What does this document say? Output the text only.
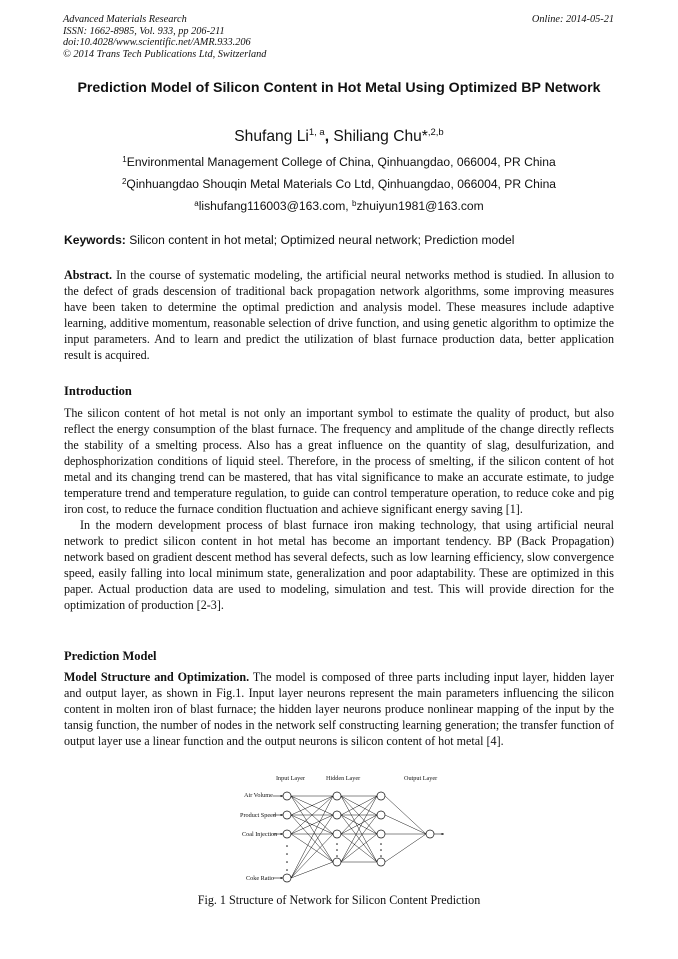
Advanced Materials Research
ISSN: 1662-8985, Vol. 933, pp 206-211
doi:10.4028/www.scientific.net/AMR.933.206
© 2014 Trans Tech Publications Ltd, Switzerland
Online: 2014-05-21
Prediction Model of Silicon Content in Hot Metal Using Optimized BP Network
Shufang Li$^{1, a}$, Shiliang Chu*$^{,2,b}$
$^1$Environmental Management College of China, Qinhuangdao, 066004, PR China
$^2$Qinhuangdao Shouqin Metal Materials Co Ltd, Qinhuangdao, 066004, PR China
$^a$lishufang116003@163.com, $^b$zhuiyun1981@163.com
Keywords: Silicon content in hot metal; Optimized neural network; Prediction model

Abstract. In the course of systematic modeling, the artificial neural networks method is studied. In allusion to the defect of grads descension of traditional back propagation network algorithms, some improving measures have been taken to determine the optimal prediction and analysis model. These measures include adaptive learning, additive momentum, reasonable selection of drive function, and using genetic algorithm to optimize the input parameters. And to learn and predict the utilization of blast furnace production data, better application result is acquired.

Introduction

The silicon content of hot metal is not only an important symbol to estimate the quality of product, but also reflect the energy consumption of the blast furnace. The frequency and amplitude of the change directly reflects the stability of a smelting process. Also has a great influence on the quantity of slag, desulfurization, and dephosphorization conditions of liquid steel. Therefore, in the process of smelting, if the silicon content of hot metal and its changing trend can be mastered, that has vital significance to make an accurate estimate, to judge temperature trend and temperature regulation, to guide can control temperature operation, to reduce coke and pig iron cost, to reduce the furnace condition fluctuation and achieve significant energy saving [1].

In the modern development process of blast furnace iron making technology, that using artificial neural network to predict silicon content in hot metal has become an important tendency. BP (Back Propagation) network based on gradient descent method has several defects, such as low learning efficiency, slow convergence speed, easily falling into local minimum state, generalization and poor adaptability. These are optimized in this paper. Actual production data are used to modeling, simulation and test. This will provide direction for the optimization of production [2-3].

Prediction Model

Model Structure and Optimization. The model is composed of three parts including input layer, hidden layer and output layer, as shown in Fig.1. Input layer neurons represent the main parameters influencing the silicon content in molten iron of blast furnace; the hidden layer neurons produce nonlinear mapping of the input by the tansig function, the number of nodes in the network self constructing learning generation; the transfer function of output layer use a linear function and the output neurons is silicon content of hot metal [4].

Input Layer	Hidden Layer	Output Layer
Air Volume
Product Speed
Coal Injection
Coke Ratio
Fig. 1 Structure of Network for Silicon Content Prediction
